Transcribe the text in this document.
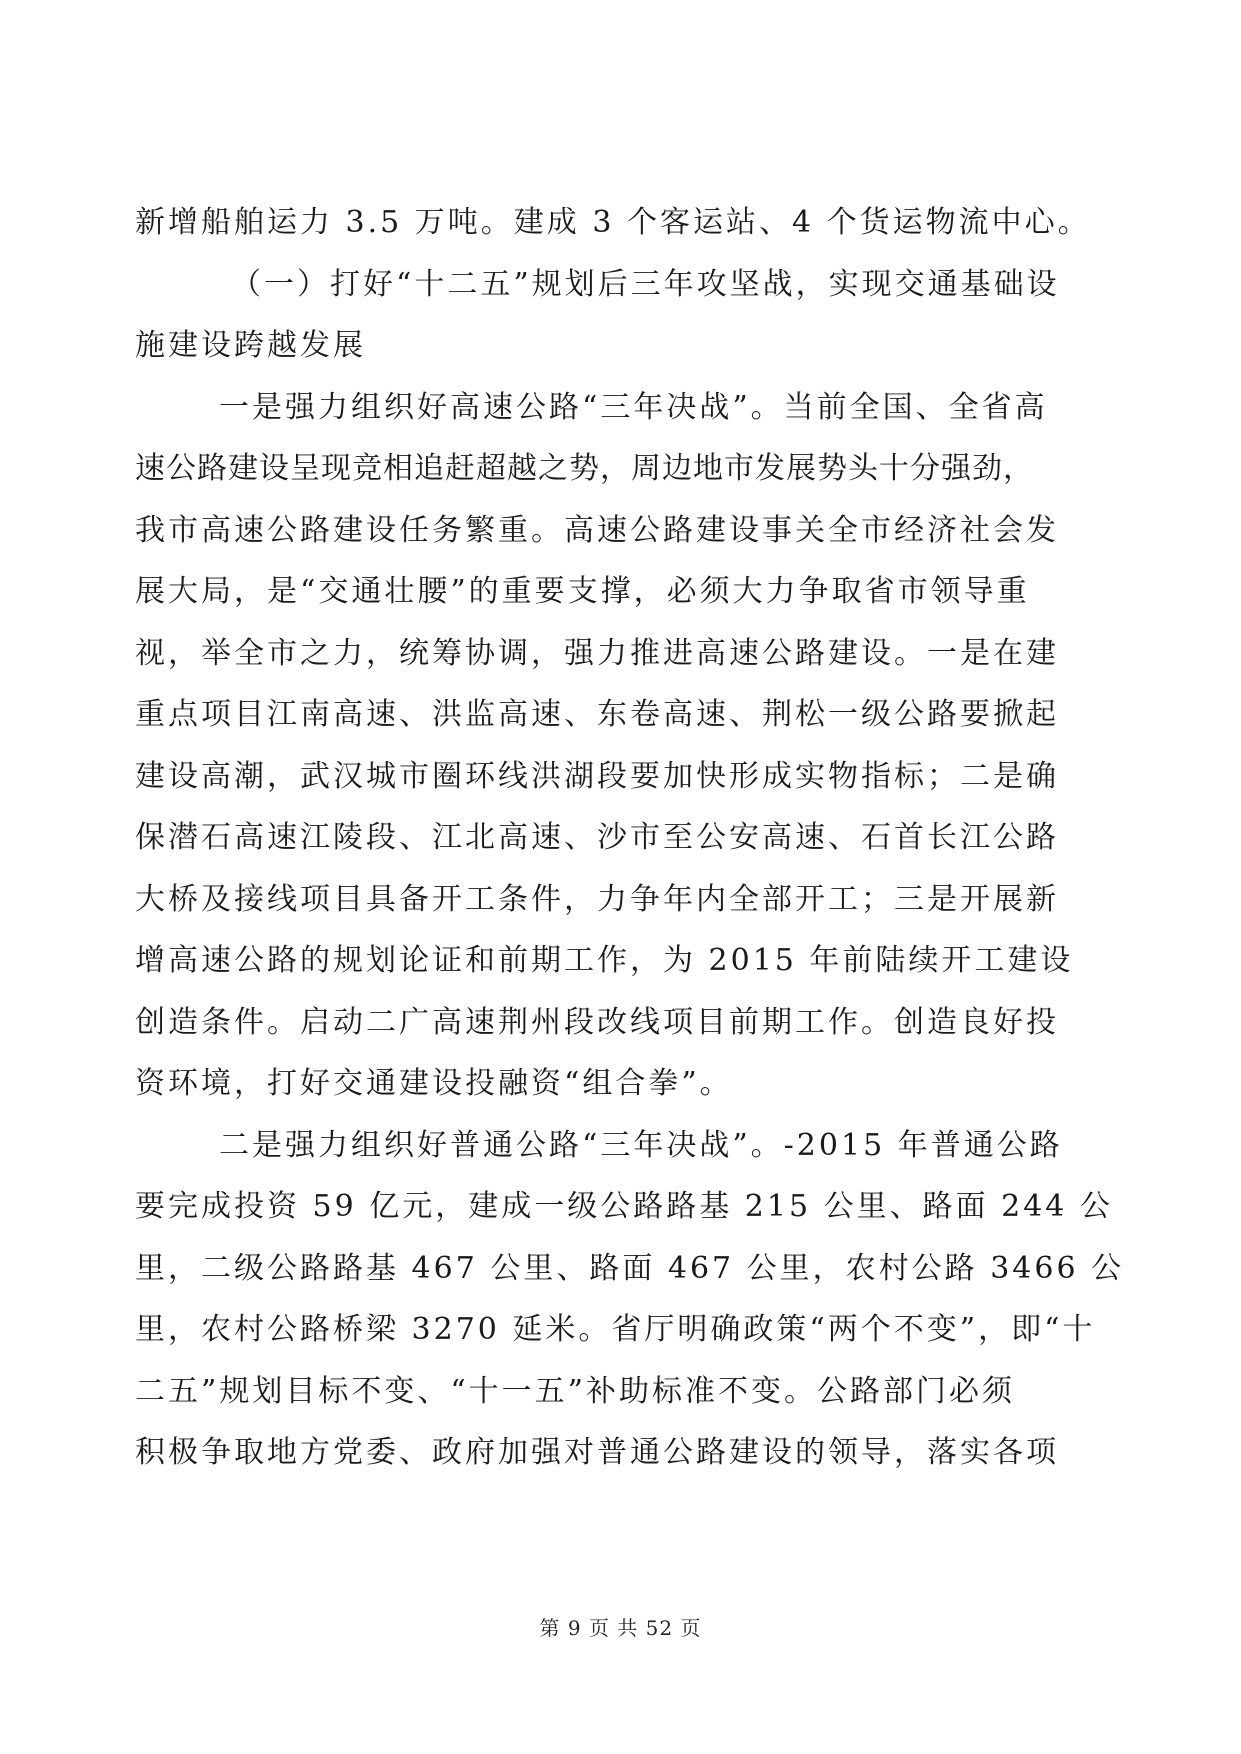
新增船舶运力 3.5 万吨。建成 3 个客运站、4 个货运物流中心。
（一）打好“十二五”规划后三年攻坚战，实现交通基础设
施建设跨越发展
一是强力组织好高速公路“三年决战”。当前全国、全省高
速公路建设呈现竞相追赶超越之势，周边地市发展势头十分强劲，
我市高速公路建设任务繁重。高速公路建设事关全市经济社会发
展大局，是“交通壮腰”的重要支撑，必须大力争取省市领导重
视，举全市之力，统筹协调，强力推进高速公路建设。一是在建
重点项目江南高速、洪监高速、东卷高速、荆松一级公路要掀起
建设高潮，武汉城市圈环线洪湖段要加快形成实物指标；二是确
保潜石高速江陵段、江北高速、沙市至公安高速、石首长江公路
大桥及接线项目具备开工条件，力争年内全部开工；三是开展新
增高速公路的规划论证和前期工作，为 2015 年前陆续开工建设
创造条件。启动二广高速荆州段改线项目前期工作。创造良好投
资环境，打好交通建设投融资“组合拳”。
二是强力组织好普通公路“三年决战”。-2015 年普通公路
要完成投资 59 亿元，建成一级公路路基 215 公里、路面 244 公
里，二级公路路基 467 公里、路面 467 公里，农村公路 3466 公
里，农村公路桥梁 3270 延米。省厅明确政策“两个不变”，即“十
二五”规划目标不变、“十一五”补助标准不变。公路部门必须
积极争取地方党委、政府加强对普通公路建设的领导，落实各项
第 9 页 共 52 页
